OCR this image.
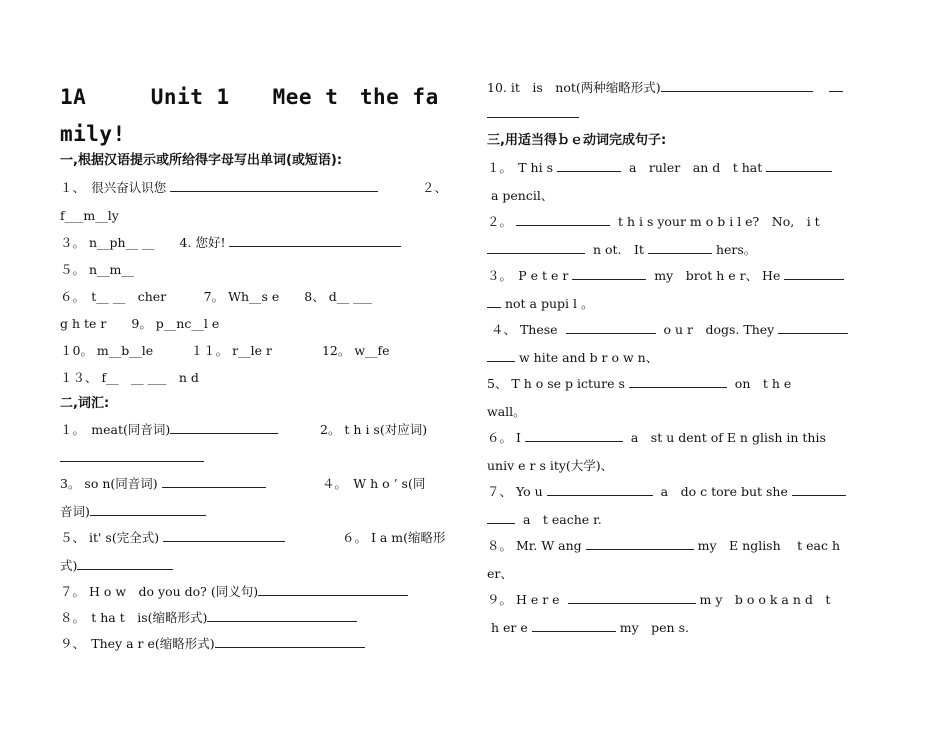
1A　　　Unit 1　　Mee t　the fa
mily!
一,根据汉语提示或所给得字母写出单词(或短语):
１、　很兴奋认识您	２、
f___m__ly
３。 n__ph__ __　　4. 您好!
５。 n__m__
６。　t__ __　cher　　　7。 Wh__s e　　8、 d__ ___
g h te r　　9。 p__nc__l e
１0。 m__b__le　　　１１。 r__le r　　　　12。 w__fe
１３、 f__　__ ___　n d
二,词汇:
１。　meat(同音词)	2。 t h i s(对应词)
3。 so n(同音词)	４。　W h o ’ s(同
音词)
５、 it' s(完全式)	６。 I a m(缩略形
式)
７。 H o w　do you do? (同义句)
８。　t ha t　is(缩略形式)
９、　They a r e(缩略形式)
10. it　is　not(两种缩略形式)
三,用适当得ｂｅ动词完成句子:
１。　T hi s	a　ruler　an d　t hat
a pencil、
２。	t h i s your m o b i l e?　No,　i t
n ot.　It	hers。
３。　P e t e r	my　brot h e r、 He
not a pupi l 。
４、 These	o u r　dogs. They
w hite and b r o w n、
5、 T h o se p icture s	on　t h e
wall。
６。 I	a　st u dent of E n glish in this
univ e r s ity(大学)、
７、 Yo u	a　do c tore but she
a　t eache r.
８。 Mr. W ang	my　E nglish　 t eac h
er、
９。 H e r e	m y　b o o k a n d　t
h er e	my　pen s.
